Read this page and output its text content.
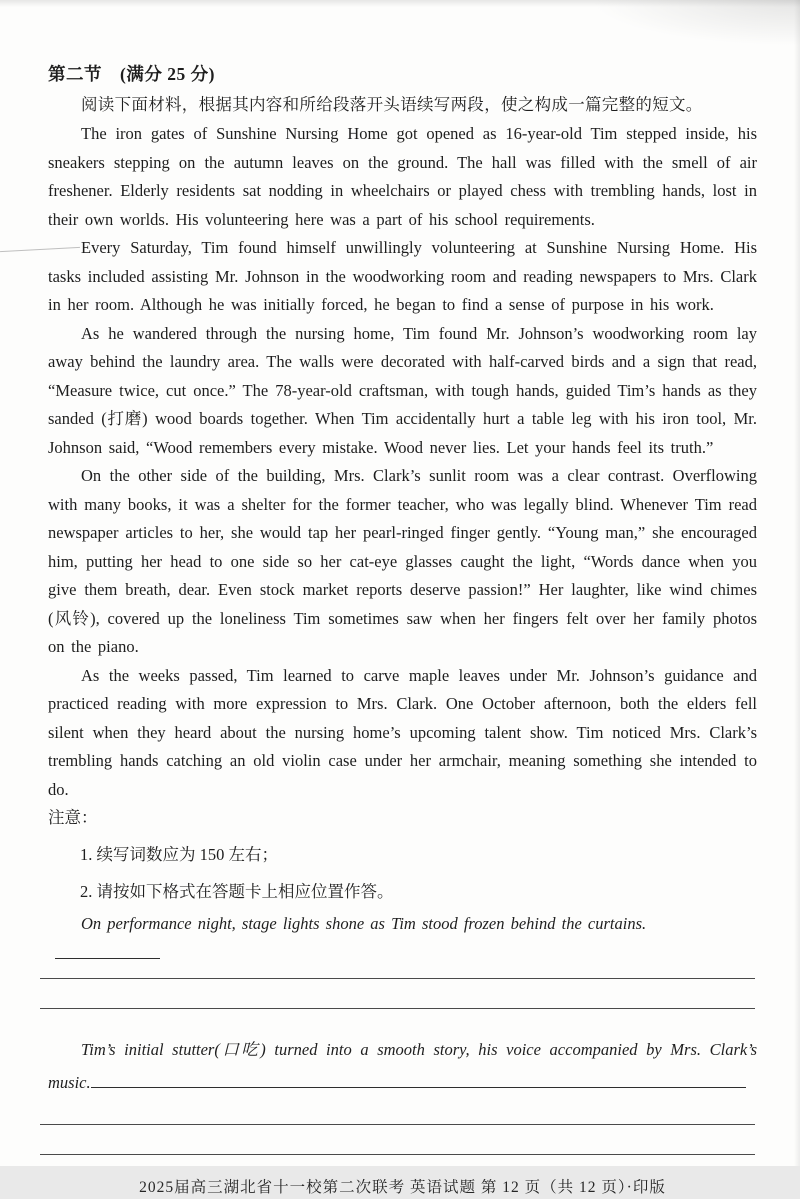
第二节　(满分 25 分)
阅读下面材料，根据其内容和所给段落开头语续写两段，使之构成一篇完整的短文。

The iron gates of Sunshine Nursing Home got opened as 16-year-old Tim stepped inside, his sneakers stepping on the autumn leaves on the ground. The hall was filled with the smell of air freshener. Elderly residents sat nodding in wheelchairs or played chess with trembling hands, lost in their own worlds. His volunteering here was a part of his school requirements.

Every Saturday, Tim found himself unwillingly volunteering at Sunshine Nursing Home. His tasks included assisting Mr. Johnson in the woodworking room and reading newspapers to Mrs. Clark in her room. Although he was initially forced, he began to find a sense of purpose in his work.

As he wandered through the nursing home, Tim found Mr. Johnson’s woodworking room lay away behind the laundry area. The walls were decorated with half-carved birds and a sign that read, “Measure twice, cut once.” The 78-year-old craftsman, with tough hands, guided Tim’s hands as they sanded (打磨) wood boards together. When Tim accidentally hurt a table leg with his iron tool, Mr. Johnson said, “Wood remembers every mistake. Wood never lies. Let your hands feel its truth.”

On the other side of the building, Mrs. Clark’s sunlit room was a clear contrast. Overflowing with many books, it was a shelter for the former teacher, who was legally blind. Whenever Tim read newspaper articles to her, she would tap her pearl-ringed finger gently. “Young man,” she encouraged him, putting her head to one side so her cat-eye glasses caught the light, “Words dance when you give them breath, dear. Even stock market reports deserve passion!” Her laughter, like wind chimes (风铃), covered up the loneliness Tim sometimes saw when her fingers felt over her family photos on the piano.

As the weeks passed, Tim learned to carve maple leaves under Mr. Johnson’s guidance and practiced reading with more expression to Mrs. Clark. One October afternoon, both the elders fell silent when they heard about the nursing home’s upcoming talent show. Tim noticed Mrs. Clark’s trembling hands catching an old violin case under her armchair, meaning something she intended to do.

注意：
1. 续写词数应为 150 左右；
2. 请按如下格式在答题卡上相应位置作答。
On performance night, stage lights shone as Tim stood frozen behind the curtains.
Tim’s initial stutter(口吃) turned into a smooth story, his voice accompanied by Mrs. Clark’s music.
2025届高三湖北省十一校第二次联考 英语试题 第 12 页（共 12 页）·印版
